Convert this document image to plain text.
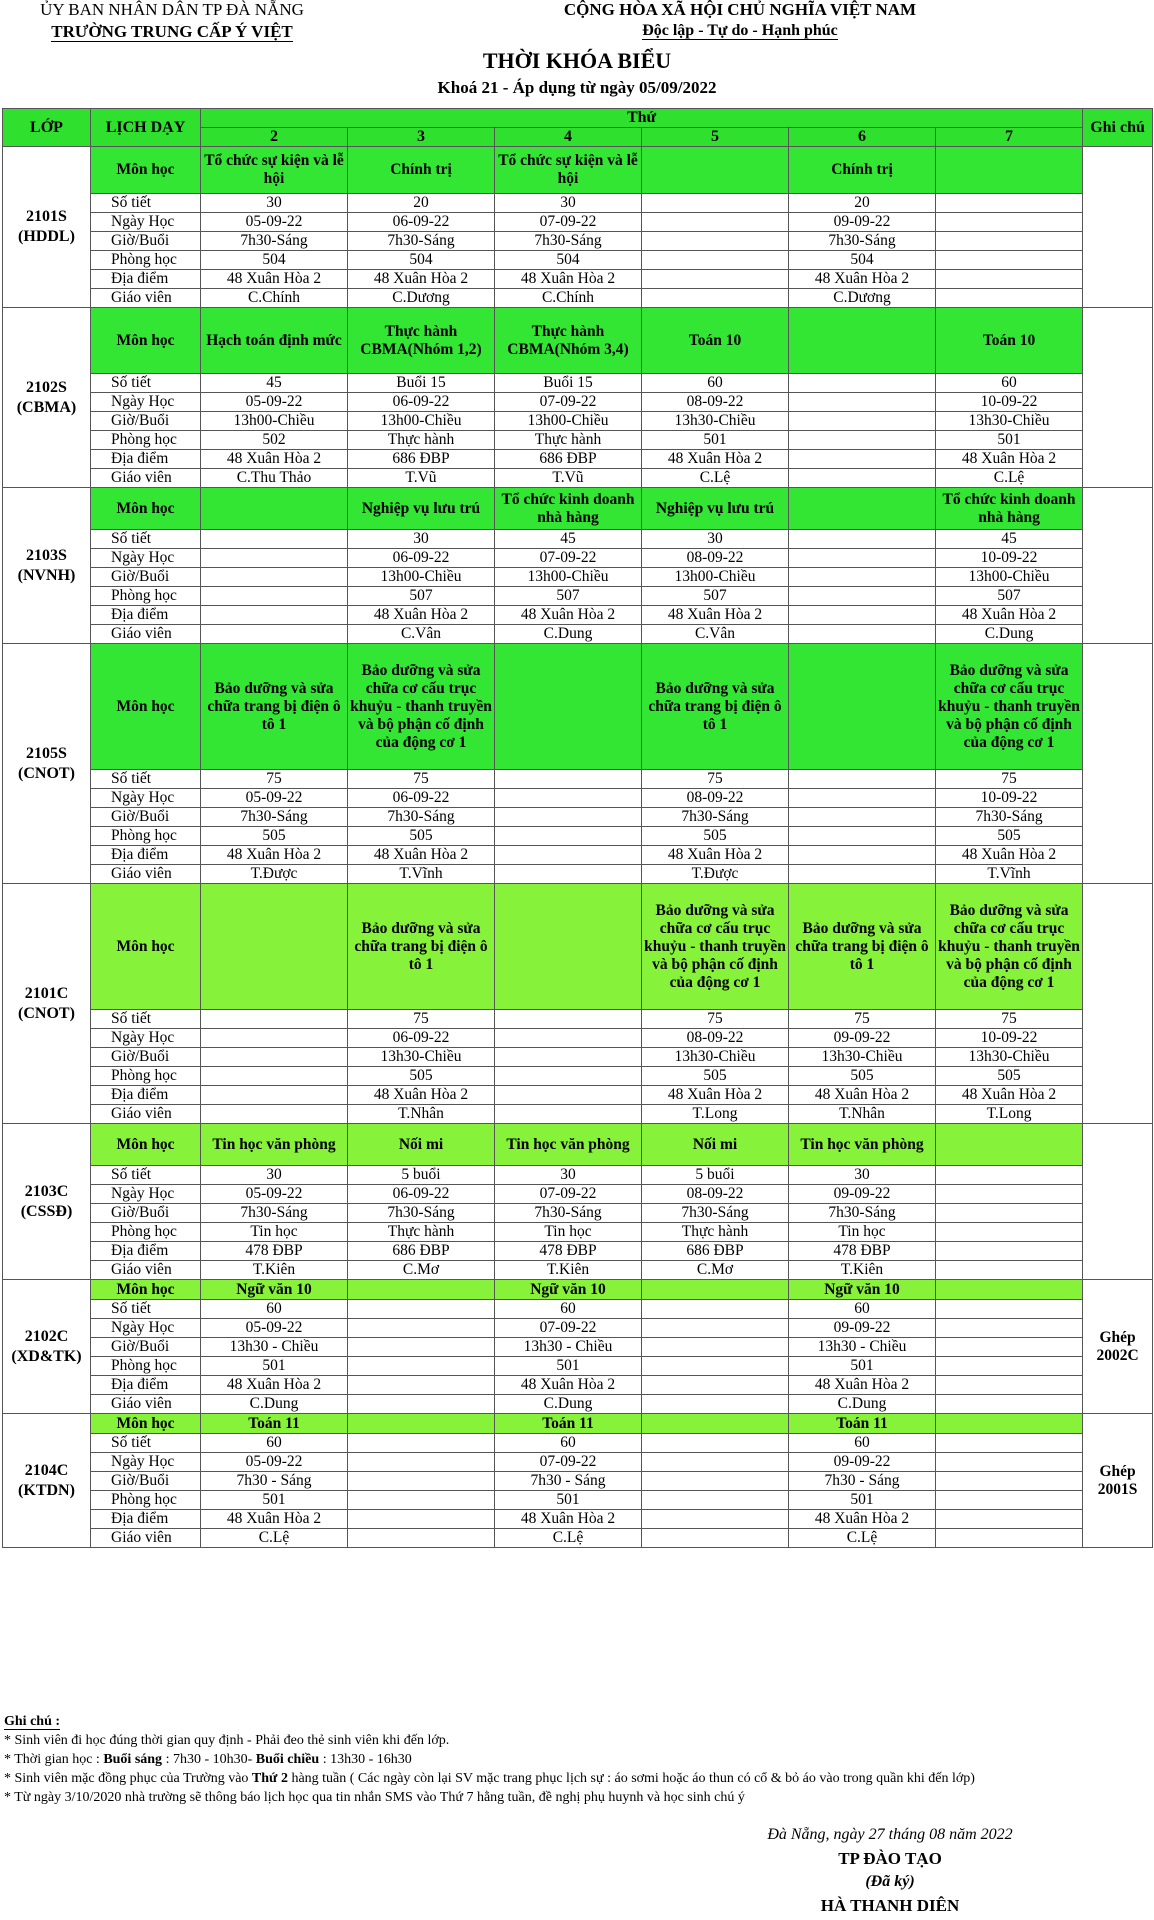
ỦY BAN NHÂN DÂN TP ĐÀ NẴNG
TRƯỜNG TRUNG CẤP Ý VIỆT
CỘNG HÒA XÃ HỘI CHỦ NGHĨA VIỆT NAM
Độc lập - Tự do - Hạnh phúc
THỜI KHÓA BIỂU
Khoá 21 - Áp dụng từ ngày 05/09/2022
LỚP	LỊCH DẠY	Thứ						Ghi chú
		2	3	4	5	6	7	
2101S (HDDL)	Môn học	Tổ chức sự kiện và lễ hội	Chính trị	Tổ chức sự kiện và lễ hội		Chính trị		
	Số tiết	30	20	30		20		
	Ngày Học	05-09-22	06-09-22	07-09-22		09-09-22		
	Giờ/Buổi	7h30-Sáng	7h30-Sáng	7h30-Sáng		7h30-Sáng		
	Phòng học	504	504	504		504		
	Địa điểm	48 Xuân Hòa 2	48 Xuân Hòa 2	48 Xuân Hòa 2		48 Xuân Hòa 2		
	Giáo viên	C.Chính	C.Dương	C.Chính		C.Dương		
2102S (CBMA)	Môn học	Hạch toán định mức	Thực hành CBMA(Nhóm 1,2)	Thực hành CBMA(Nhóm 3,4)	Toán 10		Toán 10	
	Số tiết	45	Buổi 15	Buổi 15	60		60	
	Ngày Học	05-09-22	06-09-22	07-09-22	08-09-22		10-09-22	
	Giờ/Buổi	13h00-Chiều	13h00-Chiều	13h00-Chiều	13h30-Chiều		13h30-Chiều	
	Phòng học	502	Thực hành	Thực hành	501		501	
	Địa điểm	48 Xuân Hòa 2	686 ĐBP	686 ĐBP	48 Xuân Hòa 2		48 Xuân Hòa 2	
	Giáo viên	C.Thu Thảo	T.Vũ	T.Vũ	C.Lệ		C.Lệ	
2103S (NVNH)	Môn học		Nghiệp vụ lưu trú	Tổ chức kinh doanh nhà hàng	Nghiệp vụ lưu trú		Tổ chức kinh doanh nhà hàng	
	Số tiết		30	45	30		45	
	Ngày Học		06-09-22	07-09-22	08-09-22		10-09-22	
	Giờ/Buổi		13h00-Chiều	13h00-Chiều	13h00-Chiều		13h00-Chiều	
	Phòng học		507	507	507		507	
	Địa điểm		48 Xuân Hòa 2	48 Xuân Hòa 2	48 Xuân Hòa 2		48 Xuân Hòa 2	
	Giáo viên		C.Vân	C.Dung	C.Vân		C.Dung	
2105S (CNOT)	Môn học	Bảo dưỡng và sửa chữa trang bị điện ô tô 1	Bảo dưỡng và sửa chữa cơ cấu trục khuỷu - thanh truyền và bộ phận cố định của động cơ 1		Bảo dưỡng và sửa chữa trang bị điện ô tô 1		Bảo dưỡng và sửa chữa cơ cấu trục khuỷu - thanh truyền và bộ phận cố định của động cơ 1	
	Số tiết	75	75		75		75	
	Ngày Học	05-09-22	06-09-22		08-09-22		10-09-22	
	Giờ/Buổi	7h30-Sáng	7h30-Sáng		7h30-Sáng		7h30-Sáng	
	Phòng học	505	505		505		505	
	Địa điểm	48 Xuân Hòa 2	48 Xuân Hòa 2		48 Xuân Hòa 2		48 Xuân Hòa 2	
	Giáo viên	T.Được	T.Vĩnh		T.Được		T.Vĩnh	
2101C (CNOT)	Môn học		Bảo dưỡng và sửa chữa trang bị điện ô tô 1		Bảo dưỡng và sửa chữa cơ cấu trục khuỷu - thanh truyền và bộ phận cố định của động cơ 1	Bảo dưỡng và sửa chữa trang bị điện ô tô 1	Bảo dưỡng và sửa chữa cơ cấu trục khuỷu - thanh truyền và bộ phận cố định của động cơ 1	
	Số tiết		75		75	75	75	
	Ngày Học		06-09-22		08-09-22	09-09-22	10-09-22	
	Giờ/Buổi		13h30-Chiều		13h30-Chiều	13h30-Chiều	13h30-Chiều	
	Phòng học		505		505	505	505	
	Địa điểm		48 Xuân Hòa 2		48 Xuân Hòa 2	48 Xuân Hòa 2	48 Xuân Hòa 2	
	Giáo viên		T.Nhân		T.Long	T.Nhân	T.Long	
2103C (CSSĐ)	Môn học	Tin học văn phòng	Nối mi	Tin học văn phòng	Nối mi	Tin học văn phòng		
	Số tiết	30	5 buổi	30	5 buổi	30		
	Ngày Học	05-09-22	06-09-22	07-09-22	08-09-22	09-09-22		
	Giờ/Buổi	7h30-Sáng	7h30-Sáng	7h30-Sáng	7h30-Sáng	7h30-Sáng		
	Phòng học	Tin học	Thực hành	Tin học	Thực hành	Tin học		
	Địa điểm	478 ĐBP	686 ĐBP	478 ĐBP	686 ĐBP	478 ĐBP		
	Giáo viên	T.Kiên	C.Mơ	T.Kiên	C.Mơ	T.Kiên		
2102C (XD&TK)	Môn học	Ngữ văn 10		Ngữ văn 10		Ngữ văn 10		Ghép 2002C
	Số tiết	60		60		60		
	Ngày Học	05-09-22		07-09-22		09-09-22		
	Giờ/Buổi	13h30 - Chiều		13h30 - Chiều		13h30 - Chiều		
	Phòng học	501		501		501		
	Địa điểm	48 Xuân Hòa 2		48 Xuân Hòa 2		48 Xuân Hòa 2		
	Giáo viên	C.Dung		C.Dung		C.Dung		
2104C (KTDN)	Môn học	Toán 11		Toán 11		Toán 11		Ghép 2001S
	Số tiết	60		60		60		
	Ngày Học	05-09-22		07-09-22		09-09-22		
	Giờ/Buổi	7h30 - Sáng		7h30 - Sáng		7h30 - Sáng		
	Phòng học	501		501		501		
	Địa điểm	48 Xuân Hòa 2		48 Xuân Hòa 2		48 Xuân Hòa 2		
	Giáo viên	C.Lệ		C.Lệ		C.Lệ		
Ghi chú :
* Sinh viên đi học đúng thời gian quy định - Phải đeo thẻ sinh viên khi đến lớp.
* Thời gian học : Buổi sáng : 7h30 - 10h30- Buổi chiều : 13h30 - 16h30
* Sinh viên mặc đồng phục của Trường vào Thứ 2 hàng tuần ( Các ngày còn lại SV mặc trang phục lịch sự : áo sơmi hoặc áo thun có cổ & bỏ áo vào trong quần khi đến lớp)
* Từ ngày 3/10/2020 nhà trường sẽ thông báo lịch học qua tin nhắn SMS vào Thứ 7 hằng tuần, đề nghị phụ huynh và học sinh chú ý
Đà Nẵng, ngày 27 tháng 08 năm 2022
TP ĐÀO TẠO
(Đã ký)
HÀ THANH DIÊN
